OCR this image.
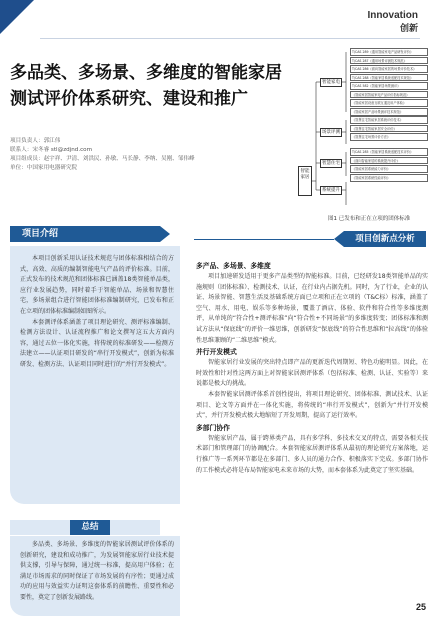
Innovation
创新
多品类、多场景、多维度的智能家居
测试评价体系研究、建设和推广
项目负责人：郭江伟
联系人：宋冬睿 stl@zdjnd.com
项目组成员：赵宇祥、尹清、刘洪民、孙敏、马长静、李纳、吴刚、邹伟峰
单位：中国家用电器研究院
智能家居
智能家电
场景评测
智慧住宅
系统提升
T/CAS 289《通用智能家电产品研发评价》
T/CAS 287《通用场景评测技术规范》
T/CAS 286《面向智能家居的场景评价技术》
T/CAS 288《智能家居系统适配技术规范》
T/CAS 582《智能家居场景测评》
《智能家居智能家电产品评价指标规范》
《智能家居设备互联互通及用户体验》
《智能家居产品场景测评技术规范》
《智慧住宅智能家居系统评价技术》
《智慧住宅智能家居安全评价》
《智慧住宅场景评价方法》
T/CAS 285《智能家居系统适配技术评价》
《面向智能家居的系统提升评价》
《智能家居系统能力评价》
《智能家居系统性能评价》
图1 已发布和正在立项的团体标准
项目介绍

本项目创新采用认证技术规范与团体标准相结合的方式，高效、高质的编制智能电气产品的评价标准。目前，正式发布的技术规范和团体标准已涵盖18类智能单品类，应行业发展趋势，同时着手于智能单品、场景和智慧住宅，多场景组合进行智能团体标准编制研究，已发布和正在立项的团体标准编制如图所示。

本套测评体系涵盖了项目理论研究、测评标准编制、检测方法设计、认证流程推广和论文撰写这五大方面内容，通过五位一体化实施，将传统的标准研发——检测方法建立——认证项目研发的“串行开发模式”，创新为标准研发、检测方法、认证项目同时进行的“并行开发模式”。

总结

多品类、多场景、多维度的智能家居测试评价体系的创新研究，建设和成功推广，为发展智能家居行业技术提供支撑，引导与保障，通过统一标准，提高用户体验；在满足市场需求的同时保证了市场发展的有序性；更通过成功的应用与效益实力证明这套体系的前瞻性、重要性和必要性，奠定了创新发展路线。

项目创新点分析
多产品、多场景、多维度

项目加速研发适用于更多产品类型的智能标准。目前，已经研发18类智能单品的实施规则（团体标准）、检测技术、认证，在行业内占据先机。同时，为了行业，企业的认证、场景智能、智慧生活及基础系统方面已立项和正在立项的（T&C标）标准，涵盖了空气、用水、用电、娱乐等多种场景，覆盖了酒店、体验、软件和符合性等多维度测评，从单纯的“符合性+测评标准”向“符合性+不同场景”的多维度转变；团体标准和测试方法从“保底线”的评价一维思维，创新研发“保底线”的符合性思维和“拉高线”的体验性思维兼顾的“二维思维”模式。

并行开发模式

智能家居行业发展的突出特点即产品的更新迭代周期短、特色功能明显。因此，在时效性和针对性这两方面上对智能家居测评体系（包括标准、检测、认证、实验等）来说都是极大的挑战。

本套智能家居测评体系首创性提出，将项目理论研究、团体标准、测试技术、认证项目、论文等方面并在一体化实施，将传统的“串行开发模式”，创新为“并行开发模式”，并行开发模式极大地缩短了开发周期，提高了运行效率。

多部门协作

智能家居产品，属于跨界类产品，具有多学科、多技术交叉的特点，需要各相关技术部门和管理部门的协调配合。本套智能家居测评体系从最初的理论研究方案落地，运行推广等一系列环节都是在多部门、多人员的通力合作、积极落实下完成。多部门协作的工作模式必将是布局智能家电未来市场的大势，而本套体系为此奠定了坚实基础。

25
